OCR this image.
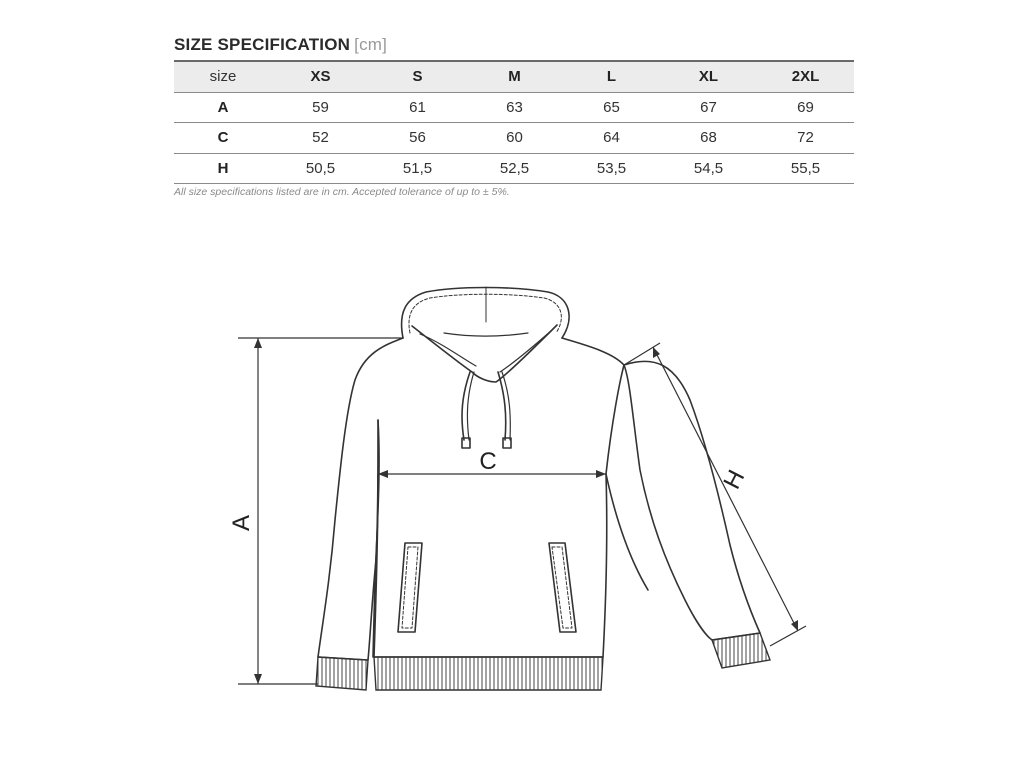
SIZE SPECIFICATION [cm]
size	XS	S	M	L	XL	2XL
A	59	61	63	65	67	69
C	52	56	60	64	68	72
H	50,5	51,5	52,5	53,5	54,5	55,5
All size specifications listed are in cm. Accepted tolerance of up to ± 5%.
A
C
H
